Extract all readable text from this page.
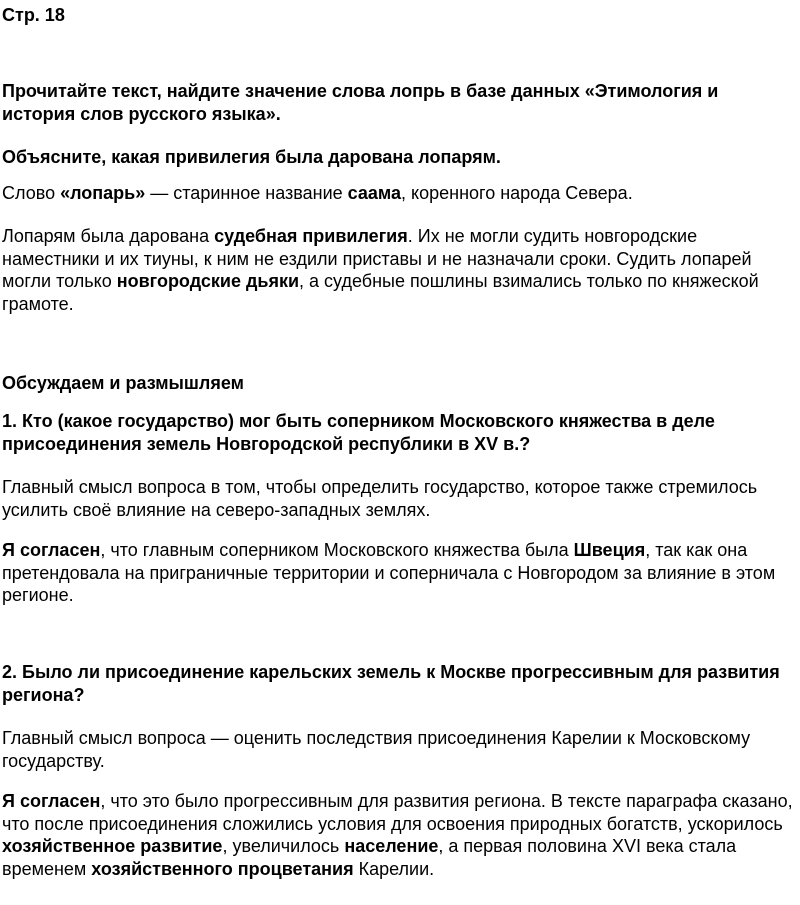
Стр. 18

Прочитайте текст, найдите значение слова лопрь в базе данных «Этимология и история слов русского языка».

Объясните, какая привилегия была дарована лопарям.

Слово «лопарь» — старинное название саама, коренного народа Севера.

Лопарям была дарована судебная привилегия. Их не могли судить новгородские наместники и их тиуны, к ним не ездили приставы и не назначали сроки. Судить лопарей могли только новгородские дьяки, а судебные пошлины взимались только по княжеской грамоте.

Обсуждаем и размышляем

1. Кто (какое государство) мог быть соперником Московского княжества в деле присоединения земель Новгородской республики в XV в.?

Главный смысл вопроса в том, чтобы определить государство, которое также стремилось усилить своё влияние на северо-западных землях.

Я согласен, что главным соперником Московского княжества была Швеция, так как она претендовала на приграничные территории и соперничала с Новгородом за влияние в этом регионе.

2. Было ли присоединение карельских земель к Москве прогрессивным для развития региона?

Главный смысл вопроса — оценить последствия присоединения Карелии к Московскому государству.

Я согласен, что это было прогрессивным для развития региона. В тексте параграфа сказано, что после присоединения сложились условия для освоения природных богатств, ускорилось хозяйственное развитие, увеличилось население, а первая половина XVI века стала временем хозяйственного процветания Карелии.
